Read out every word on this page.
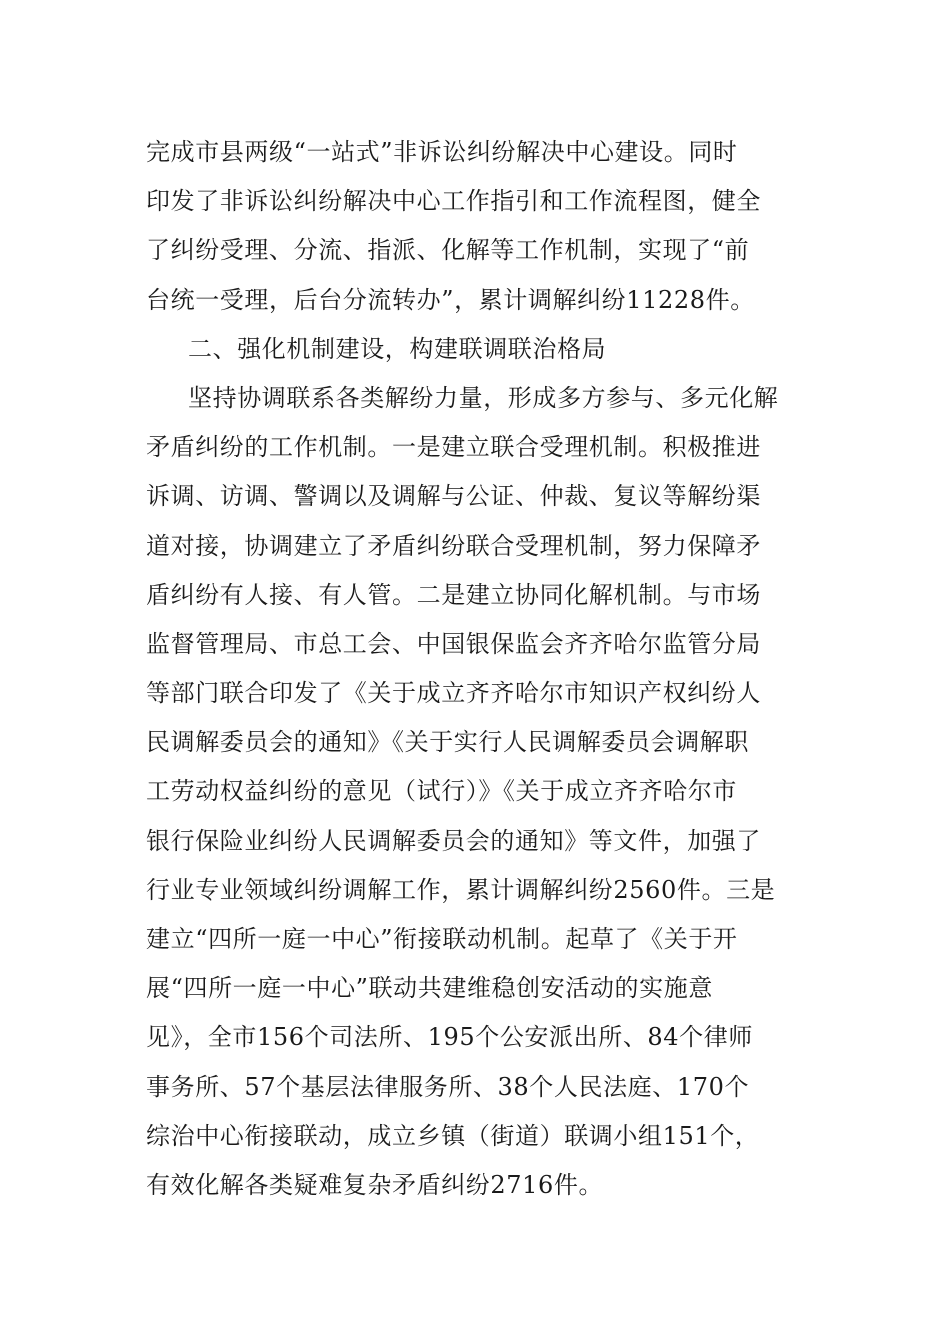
完成市县两级“一站式”非诉讼纠纷解决中心建设。同时
印发了非诉讼纠纷解决中心工作指引和工作流程图，健全
了纠纷受理、分流、指派、化解等工作机制，实现了“前
台统一受理，后台分流转办”，累计调解纠纷11228件。
二、强化机制建设，构建联调联治格局
坚持协调联系各类解纷力量，形成多方参与、多元化解
矛盾纠纷的工作机制。一是建立联合受理机制。积极推进
诉调、访调、警调以及调解与公证、仲裁、复议等解纷渠
道对接，协调建立了矛盾纠纷联合受理机制，努力保障矛
盾纠纷有人接、有人管。二是建立协同化解机制。与市场
监督管理局、市总工会、中国银保监会齐齐哈尔监管分局
等部门联合印发了《关于成立齐齐哈尔市知识产权纠纷人
民调解委员会的通知》《关于实行人民调解委员会调解职
工劳动权益纠纷的意见（试行）》《关于成立齐齐哈尔市
银行保险业纠纷人民调解委员会的通知》等文件，加强了
行业专业领域纠纷调解工作，累计调解纠纷2560件。三是
建立“四所一庭一中心”衔接联动机制。起草了《关于开
展“四所一庭一中心”联动共建维稳创安活动的实施意
见》，全市156个司法所、195个公安派出所、84个律师
事务所、57个基层法律服务所、38个人民法庭、170个
综治中心衔接联动，成立乡镇（街道）联调小组151个，
有效化解各类疑难复杂矛盾纠纷2716件。
